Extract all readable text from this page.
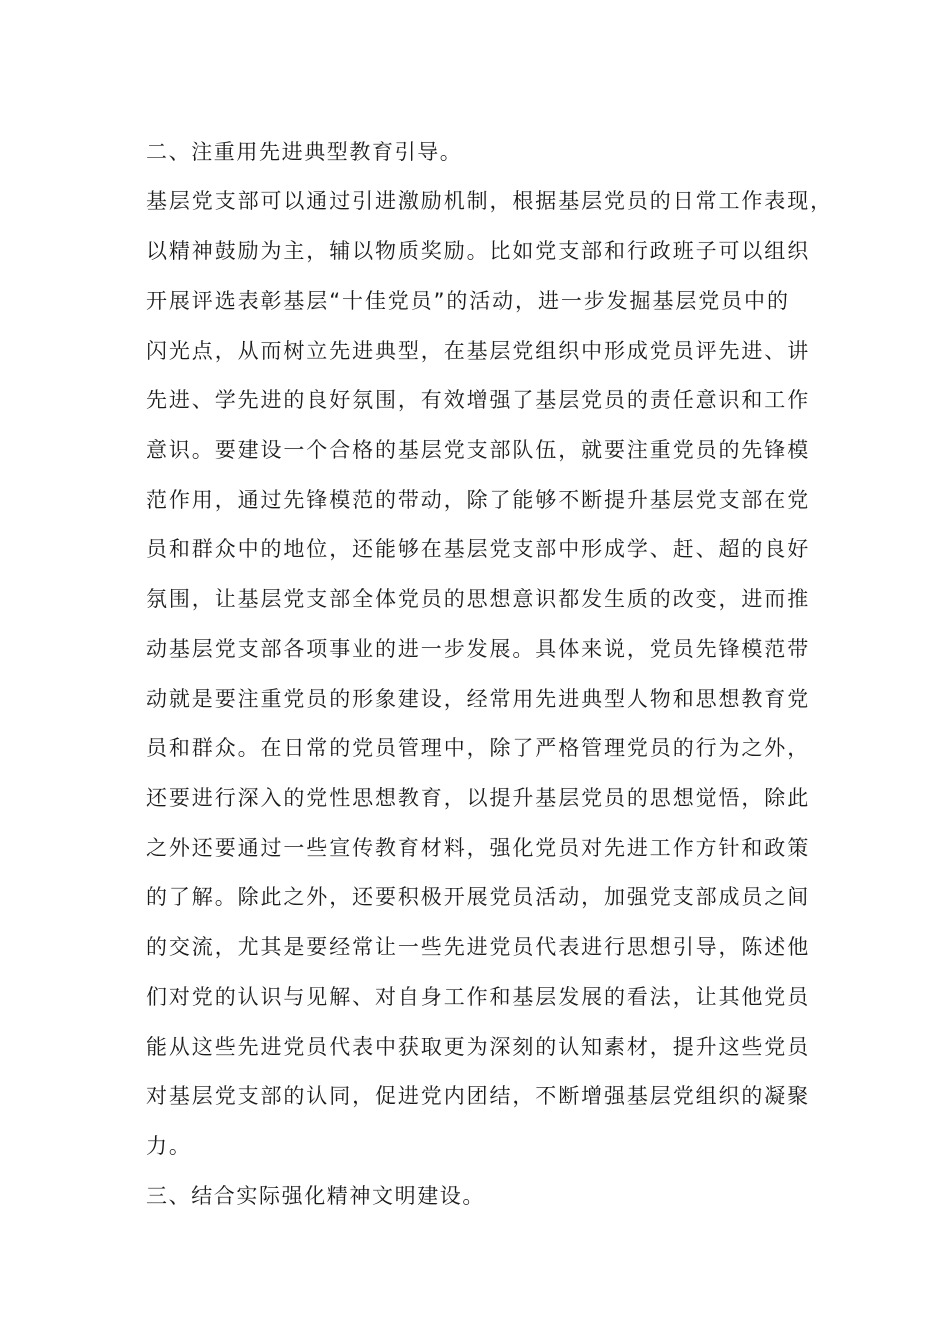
二、注重用先进典型教育引导。
基层党支部可以通过引进激励机制，根据基层党员的日常工作表现，
以精神鼓励为主，辅以物质奖励。比如党支部和行政班子可以组织
开展评选表彰基层“十佳党员”的活动，进一步发掘基层党员中的
闪光点，从而树立先进典型，在基层党组织中形成党员评先进、讲
先进、学先进的良好氛围，有效增强了基层党员的责任意识和工作
意识。要建设一个合格的基层党支部队伍，就要注重党员的先锋模
范作用，通过先锋模范的带动，除了能够不断提升基层党支部在党
员和群众中的地位，还能够在基层党支部中形成学、赶、超的良好
氛围，让基层党支部全体党员的思想意识都发生质的改变，进而推
动基层党支部各项事业的进一步发展。具体来说，党员先锋模范带
动就是要注重党员的形象建设，经常用先进典型人物和思想教育党
员和群众。在日常的党员管理中，除了严格管理党员的行为之外，
还要进行深入的党性思想教育，以提升基层党员的思想觉悟，除此
之外还要通过一些宣传教育材料，强化党员对先进工作方针和政策
的了解。除此之外，还要积极开展党员活动，加强党支部成员之间
的交流，尤其是要经常让一些先进党员代表进行思想引导，陈述他
们对党的认识与见解、对自身工作和基层发展的看法，让其他党员
能从这些先进党员代表中获取更为深刻的认知素材，提升这些党员
对基层党支部的认同，促进党内团结，不断增强基层党组织的凝聚
力。
三、结合实际强化精神文明建设。
